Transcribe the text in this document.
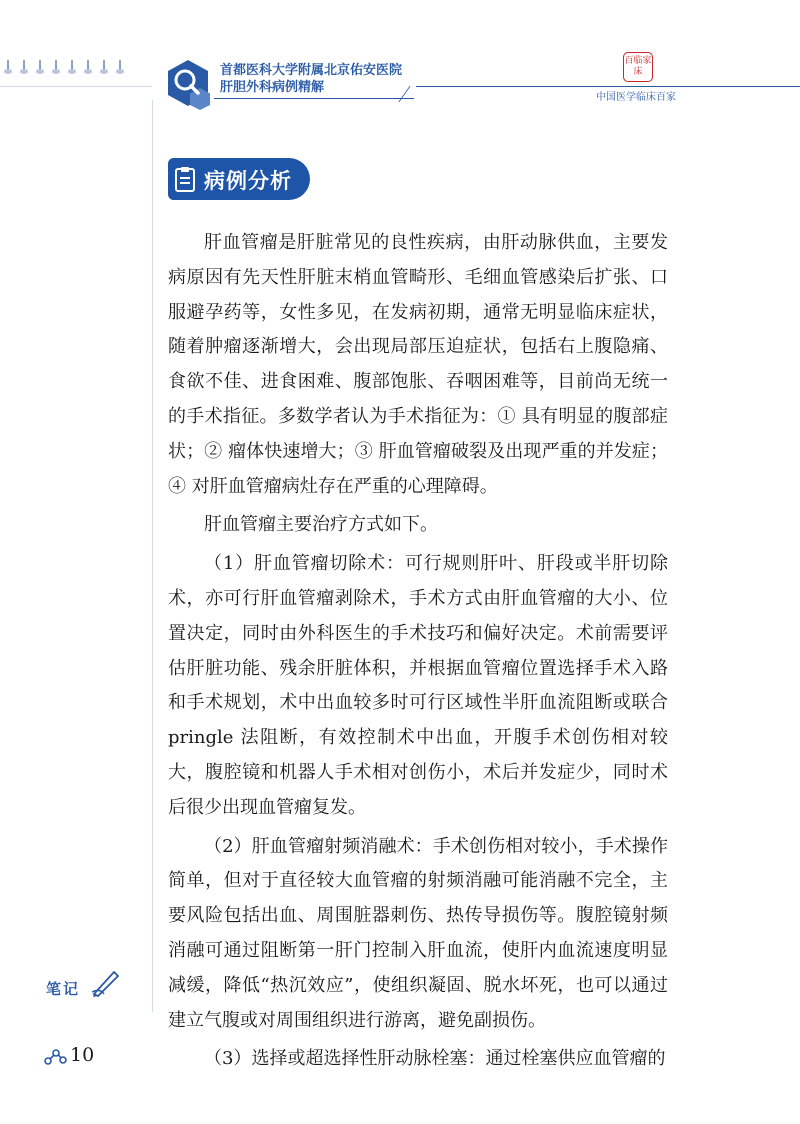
首都医科大学附属北京佑安医院
肝胆外科病例精解
百临家床
中国医学临床百家
病例分析

肝血管瘤是肝脏常见的良性疾病，由肝动脉供血，主要发病原因有先天性肝脏末梢血管畸形、毛细血管感染后扩张、口服避孕药等，女性多见，在发病初期，通常无明显临床症状，随着肿瘤逐渐增大，会出现局部压迫症状，包括右上腹隐痛、食欲不佳、进食困难、腹部饱胀、吞咽困难等，目前尚无统一的手术指征。多数学者认为手术指征为：① 具有明显的腹部症状；② 瘤体快速增大；③ 肝血管瘤破裂及出现严重的并发症；④ 对肝血管瘤病灶存在严重的心理障碍。

肝血管瘤主要治疗方式如下。

（1）肝血管瘤切除术：可行规则肝叶、肝段或半肝切除术，亦可行肝血管瘤剥除术，手术方式由肝血管瘤的大小、位置决定，同时由外科医生的手术技巧和偏好决定。术前需要评估肝脏功能、残余肝脏体积，并根据血管瘤位置选择手术入路和手术规划，术中出血较多时可行区域性半肝血流阻断或联合 pringle 法阻断，有效控制术中出血，开腹手术创伤相对较大，腹腔镜和机器人手术相对创伤小，术后并发症少，同时术后很少出现血管瘤复发。

（2）肝血管瘤射频消融术：手术创伤相对较小，手术操作简单，但对于直径较大血管瘤的射频消融可能消融不完全，主要风险包括出血、周围脏器刺伤、热传导损伤等。腹腔镜射频消融可通过阻断第一肝门控制入肝血流，使肝内血流速度明显减缓，降低“热沉效应”，使组织凝固、脱水坏死，也可以通过建立气腹或对周围组织进行游离，避免副损伤。

（3）选择或超选择性肝动脉栓塞：通过栓塞供应血管瘤的

笔记
10
